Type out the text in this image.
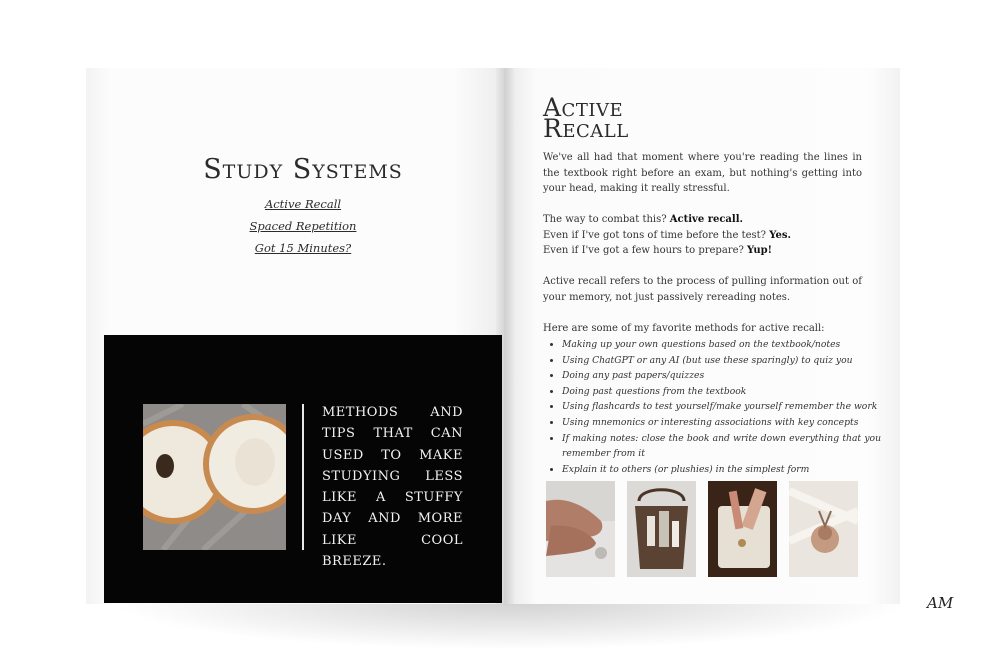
Study Systems
Active Recall
Spaced Repetition
Got 15 Minutes?
METHODS AND TIPS THAT CAN USED TO MAKE STUDYING LESS LIKE A STUFFY DAY AND MORE LIKE COOL BREEZE.
Active
Recall
We've all had that moment where you're reading the lines in the textbook right before an exam, but nothing's getting into your head, making it really stressful.
The way to combat this? Active recall.
Even if I've got tons of time before the test? Yes.
Even if I've got a few hours to prepare? Yup!
Active recall refers to the process of pulling information out of your memory, not just passively rereading notes.
Here are some of my favorite methods for active recall:
• Making up your own questions based on the textbook/notes
• Using ChatGPT or any AI (but use these sparingly) to quiz you
• Doing any past papers/quizzes
• Doing past questions from the textbook
• Using flashcards to test yourself/make yourself remember the work
• Using mnemonics or interesting associations with key concepts
• If making notes: close the book and write down everything that you remember from it
• Explain it to others (or plushies) in the simplest form
AM
